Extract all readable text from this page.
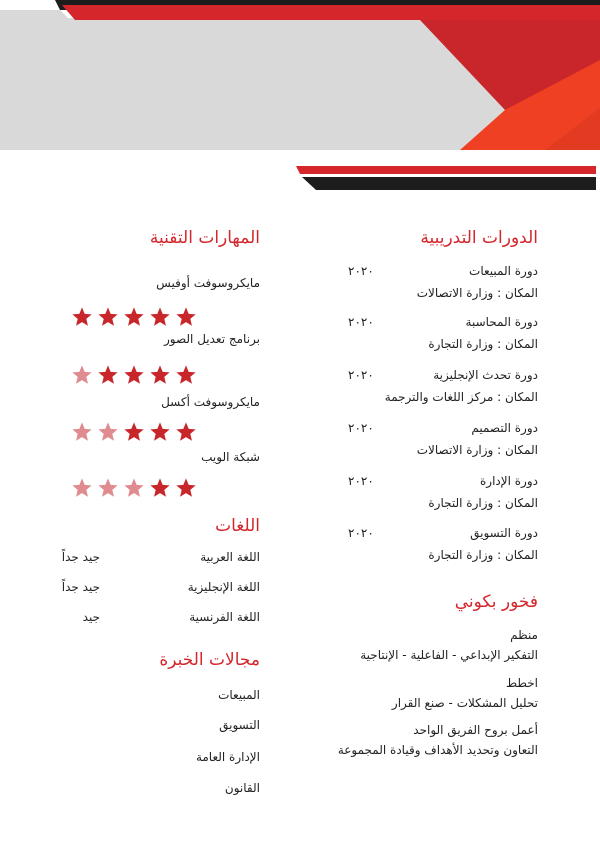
الدورات التدريبية
المهارات التقنية
اللغات
فخور بكوني
مجالات الخبرة
دورة المبيعات
المكان : وزارة الاتصالات
٢٠٢٠
دورة المحاسبة
المكان : وزارة التجارة
٢٠٢٠
دورة تحدث الإنجليزية
المكان : مركز اللغات والترجمة
٢٠٢٠
دورة التصميم
المكان : وزارة الاتصالات
٢٠٢٠
دورة الإدارة
المكان : وزارة التجارة
٢٠٢٠
دورة التسويق
المكان : وزارة التجارة
٢٠٢٠
منظم
التفكير الإبداعي - الفاعلية - الإنتاجية
اخطط
تحليل المشكلات - صنع القرار
أعمل بروح الفريق الواحد
التعاون وتحديد الأهداف وقيادة المجموعة
مايكروسوفت أوفيس
برنامج تعديل الصور
مايكروسوفت أكسل
شبكة الويب
اللغة العربية
جيد جداً
اللغة الإنجليزية
جيد جداً
اللغة الفرنسية
جيد
المبيعات
التسويق
الإدارة العامة
القانون
